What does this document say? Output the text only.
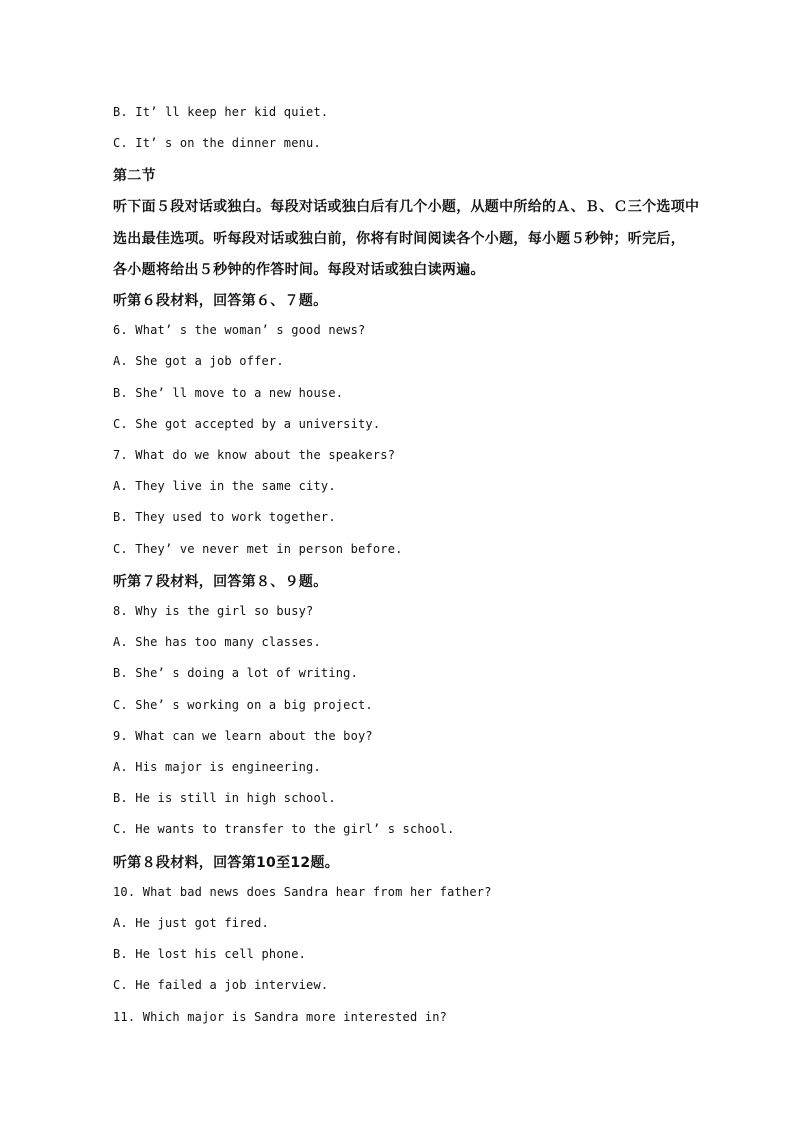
B. It’ ll keep her kid quiet.
C. It’ s on the dinner menu.
第二节
听下面５段对话或独白。每段对话或独白后有几个小题，从题中所给的Ａ、Ｂ、Ｃ三个选项中
选出最佳选项。听每段对话或独白前，你将有时间阅读各个小题，每小题５秒钟；听完后，
各小题将给出５秒钟的作答时间。每段对话或独白读两遍。
听第６段材料，回答第６、７题。
6. What’ s the woman’ s good news?
A. She got a job offer.
B. She’ ll move to a new house.
C. She got accepted by a university.
7. What do we know about the speakers?
A. They live in the same city.
B. They used to work together.
C. They’ ve never met in person before.
听第７段材料，回答第８、９题。
8. Why is the girl so busy?
A. She has too many classes.
B. She’ s doing a lot of writing.
C. She’ s working on a big project.
9. What can we learn about the boy?
A. His major is engineering.
B. He is still in high school.
C. He wants to transfer to the girl’ s school.
听第８段材料，回答第10至12题。
10. What bad news does Sandra hear from her father?
A. He just got fired.
B. He lost his cell phone.
C. He failed a job interview.
11. Which major is Sandra more interested in?
